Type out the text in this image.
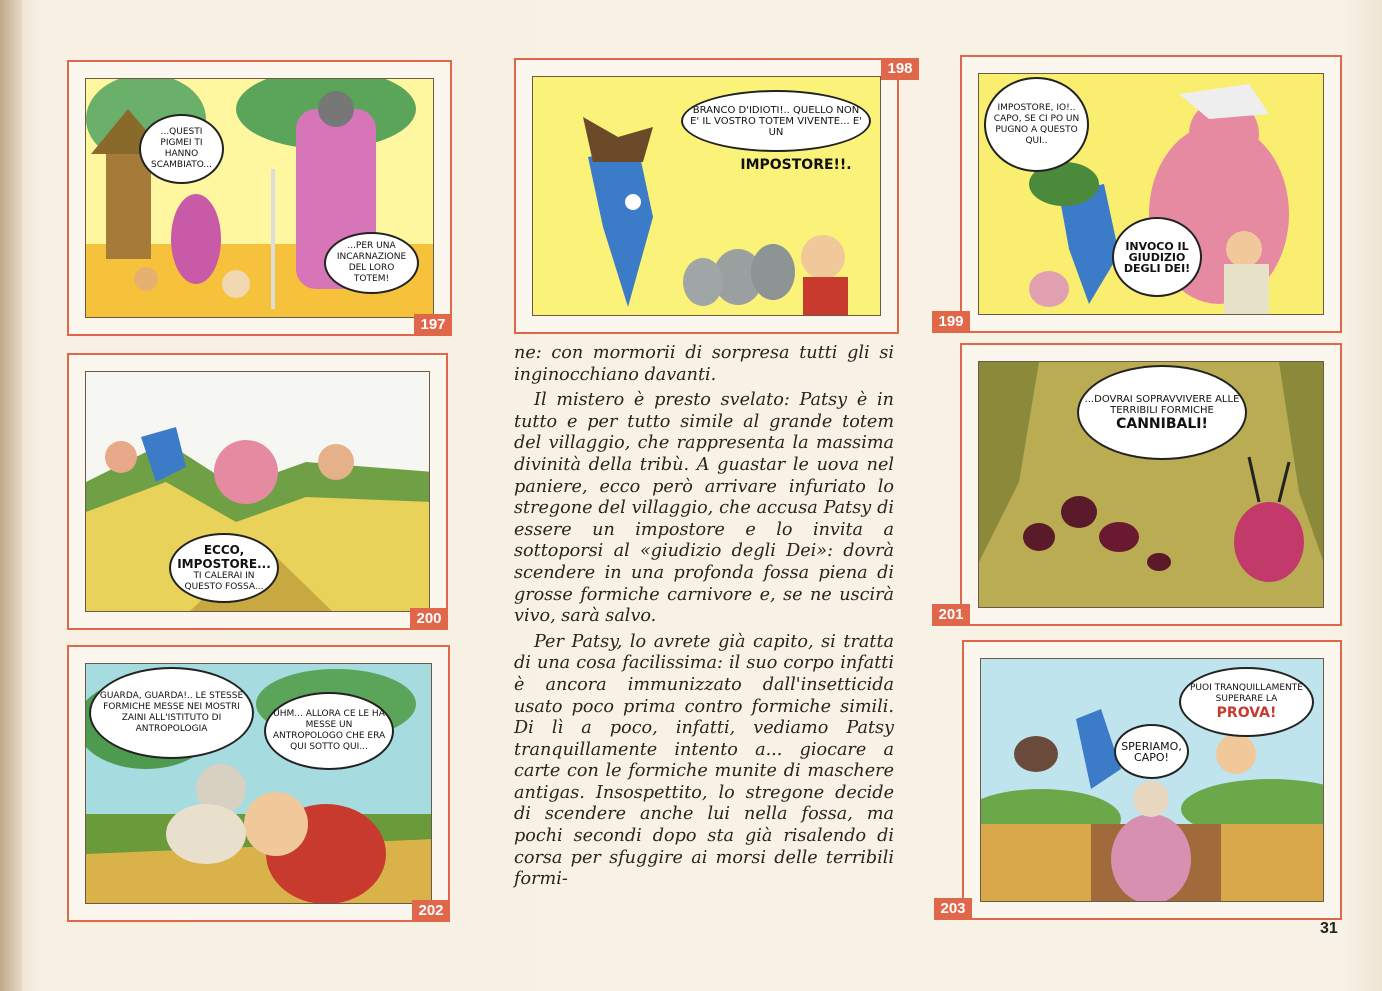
...QUESTI PIGMEI TI HANNO SCAMBIATO...
...PER UNA INCARNAZIONE DEL LORO TOTEM!
197
BRANCO D'IDIOTI!.. QUELLO NON E' IL VOSTRO TOTEM VIVENTE... E' UN
IMPOSTORE!!.
198
IMPOSTORE, IO!.. CAPO, SE CI PO UN PUGNO A QUESTO QUI..
INVOCO IL GIUDIZIO DEGLI DEI!
199
ECCO, IMPOSTORE...
TI CALERAI IN QUESTO FOSSA...
200
...DOVRAI SOPRAVVIVERE ALLE TERRIBILI FORMICHE
CANNIBALI!
201
GUARDA, GUARDA!.. LE STESSE FORMICHE MESSE NEI MOSTRI ZAINI ALL'ISTITUTO DI ANTROPOLOGIA
UHM... ALLORA CE LE HA MESSE UN ANTROPOLOGO CHE ERA QUI SOTTO QUI...
202
PUOI TRANQUILLAMENTE SUPERARE LA
PROVA!
SPERIAMO, CAPO!
203

ne: con mormorii di sorpresa tutti gli si inginocchiano davanti.

Il mistero è presto svelato: Patsy è in tutto e per tutto simile al grande totem del villaggio, che rappresenta la massima divinità della tribù. A guastar le uova nel paniere, ecco però arrivare infuriato lo stregone del villaggio, che accusa Patsy di essere un impostore e lo invita a sottoporsi al «giudizio degli Dei»: dovrà scendere in una profonda fossa piena di grosse formiche carnivore e, se ne uscirà vivo, sarà salvo.

Per Patsy, lo avrete già capito, si tratta di una cosa facilissima: il suo corpo infatti è ancora immunizzato dall'insetticida usato poco prima contro formiche simili. Di lì a poco, infatti, vediamo Patsy tranquillamente intento a... giocare a carte con le formiche munite di maschere antigas. Insospettito, lo stregone decide di scendere anche lui nella fossa, ma pochi secondi dopo sta già risalendo di corsa per sfuggire ai morsi delle terribili formi-

31
